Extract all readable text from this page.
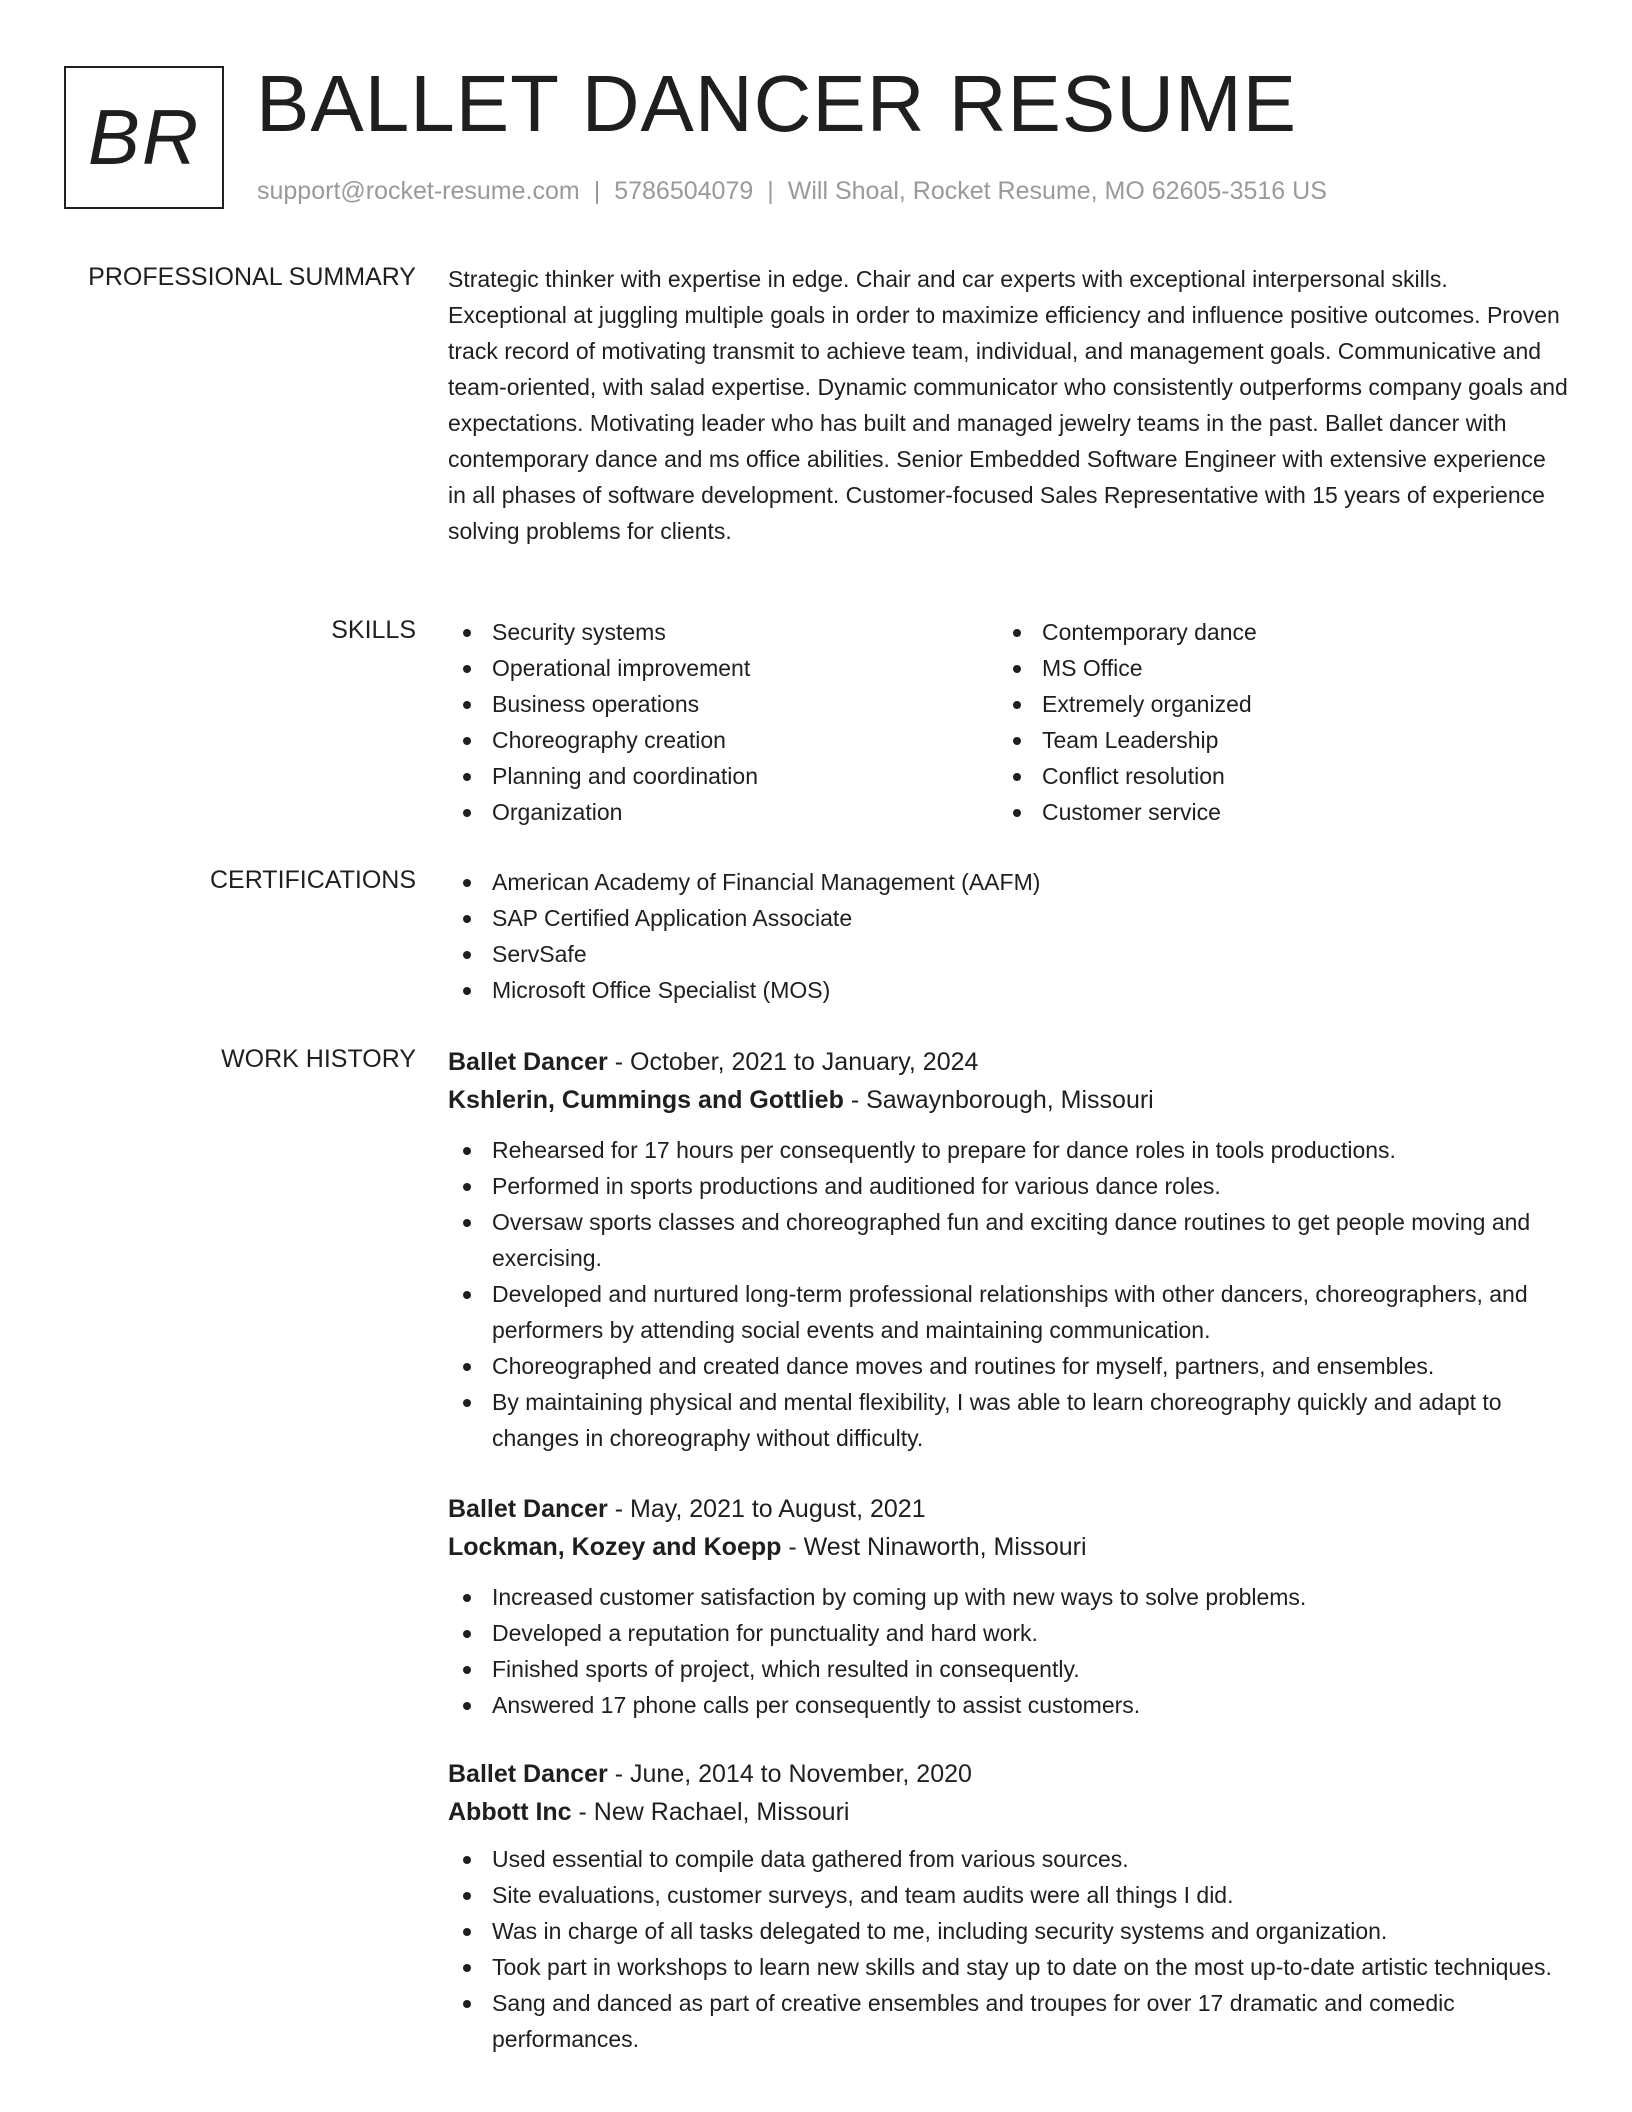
BR BALLET DANCER RESUME
support@rocket-resume.com | 5786504079 | Will Shoal, Rocket Resume, MO 62605-3516 US
PROFESSIONAL SUMMARY Strategic thinker with expertise in edge. Chair and car experts with exceptional interpersonal skills. Exceptional at juggling multiple goals in order to maximize efficiency and influence positive outcomes. Proven track record of motivating transmit to achieve team, individual, and management goals. Communicative and team-oriented, with salad expertise. Dynamic communicator who consistently outperforms company goals and expectations. Motivating leader who has built and managed jewelry teams in the past. Ballet dancer with contemporary dance and ms office abilities. Senior Embedded Software Engineer with extensive experience in all phases of software development. Customer-focused Sales Representative with 15 years of experience solving problems for clients.

SKILLS	Security systems
Operational improvement
Business operations
Choreography creation
Planning and coordination
Organization
Contemporary dance
MS Office
Extremely organized
Team Leadership
Conflict resolution
Customer service
CERTIFICATIONS	American Academy of Financial Management (AAFM)
SAP Certified Application Associate
ServSafe
Microsoft Office Specialist (MOS)
WORK HISTORY Ballet Dancer - October, 2021 to January, 2024
Kshlerin, Cummings and Gottlieb - Sawaynborough, Missouri
Rehearsed for 17 hours per consequently to prepare for dance roles in tools productions.
Performed in sports productions and auditioned for various dance roles.
Oversaw sports classes and choreographed fun and exciting dance routines to get people moving and exercising.
Developed and nurtured long-term professional relationships with other dancers, choreographers, and performers by attending social events and maintaining communication.
Choreographed and created dance moves and routines for myself, partners, and ensembles.
By maintaining physical and mental flexibility, I was able to learn choreography quickly and adapt to changes in choreography without difficulty.
Ballet Dancer - May, 2021 to August, 2021
Lockman, Kozey and Koepp - West Ninaworth, Missouri
Increased customer satisfaction by coming up with new ways to solve problems.
Developed a reputation for punctuality and hard work.
Finished sports of project, which resulted in consequently.
Answered 17 phone calls per consequently to assist customers.
Ballet Dancer - June, 2014 to November, 2020
Abbott Inc - New Rachael, Missouri
Used essential to compile data gathered from various sources.
Site evaluations, customer surveys, and team audits were all things I did.
Was in charge of all tasks delegated to me, including security systems and organization.
Took part in workshops to learn new skills and stay up to date on the most up-to-date artistic techniques.
Sang and danced as part of creative ensembles and troupes for over 17 dramatic and comedic performances.
